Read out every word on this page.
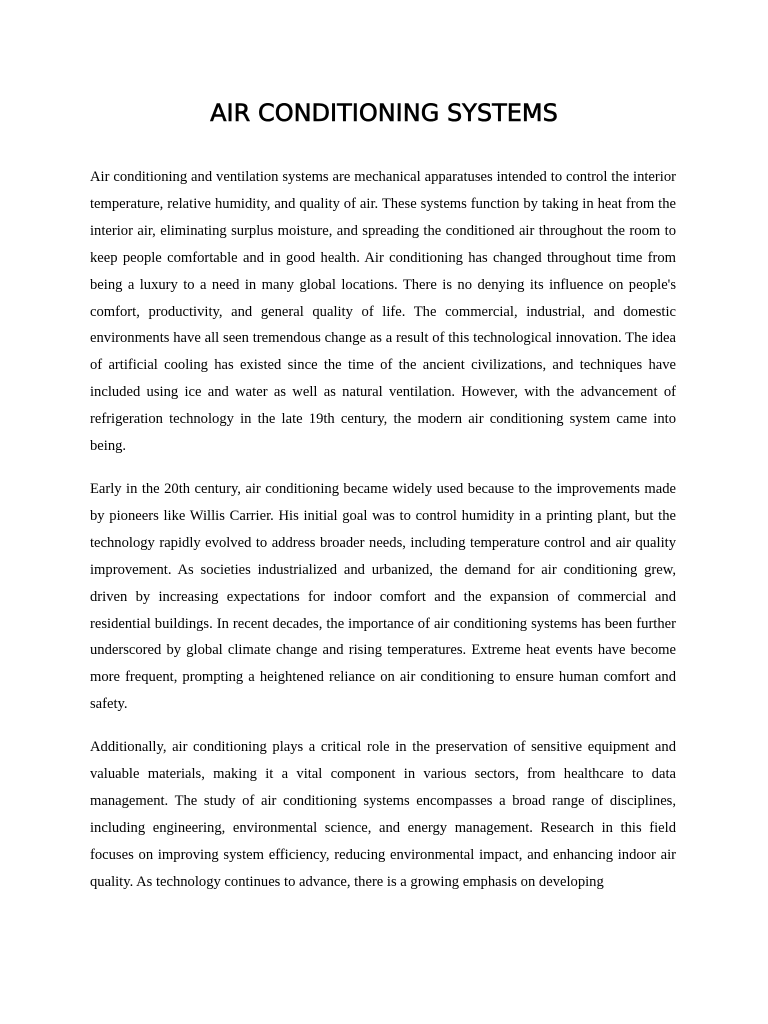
AIR CONDITIONING SYSTEMS

Air conditioning and ventilation systems are mechanical apparatuses intended to control the interior temperature, relative humidity, and quality of air. These systems function by taking in heat from the interior air, eliminating surplus moisture, and spreading the conditioned air throughout the room to keep people comfortable and in good health. Air conditioning has changed throughout time from being a luxury to a need in many global locations. There is no denying its influence on people's comfort, productivity, and general quality of life. The commercial, industrial, and domestic environments have all seen tremendous change as a result of this technological innovation. The idea of artificial cooling has existed since the time of the ancient civilizations, and techniques have included using ice and water as well as natural ventilation. However, with the advancement of refrigeration technology in the late 19th century, the modern air conditioning system came into being.

Early in the 20th century, air conditioning became widely used because to the improvements made by pioneers like Willis Carrier. His initial goal was to control humidity in a printing plant, but the technology rapidly evolved to address broader needs, including temperature control and air quality improvement. As societies industrialized and urbanized, the demand for air conditioning grew, driven by increasing expectations for indoor comfort and the expansion of commercial and residential buildings. In recent decades, the importance of air conditioning systems has been further underscored by global climate change and rising temperatures. Extreme heat events have become more frequent, prompting a heightened reliance on air conditioning to ensure human comfort and safety.

Additionally, air conditioning plays a critical role in the preservation of sensitive equipment and valuable materials, making it a vital component in various sectors, from healthcare to data management. The study of air conditioning systems encompasses a broad range of disciplines, including engineering, environmental science, and energy management. Research in this field focuses on improving system efficiency, reducing environmental impact, and enhancing indoor air quality. As technology continues to advance, there is a growing emphasis on developing
